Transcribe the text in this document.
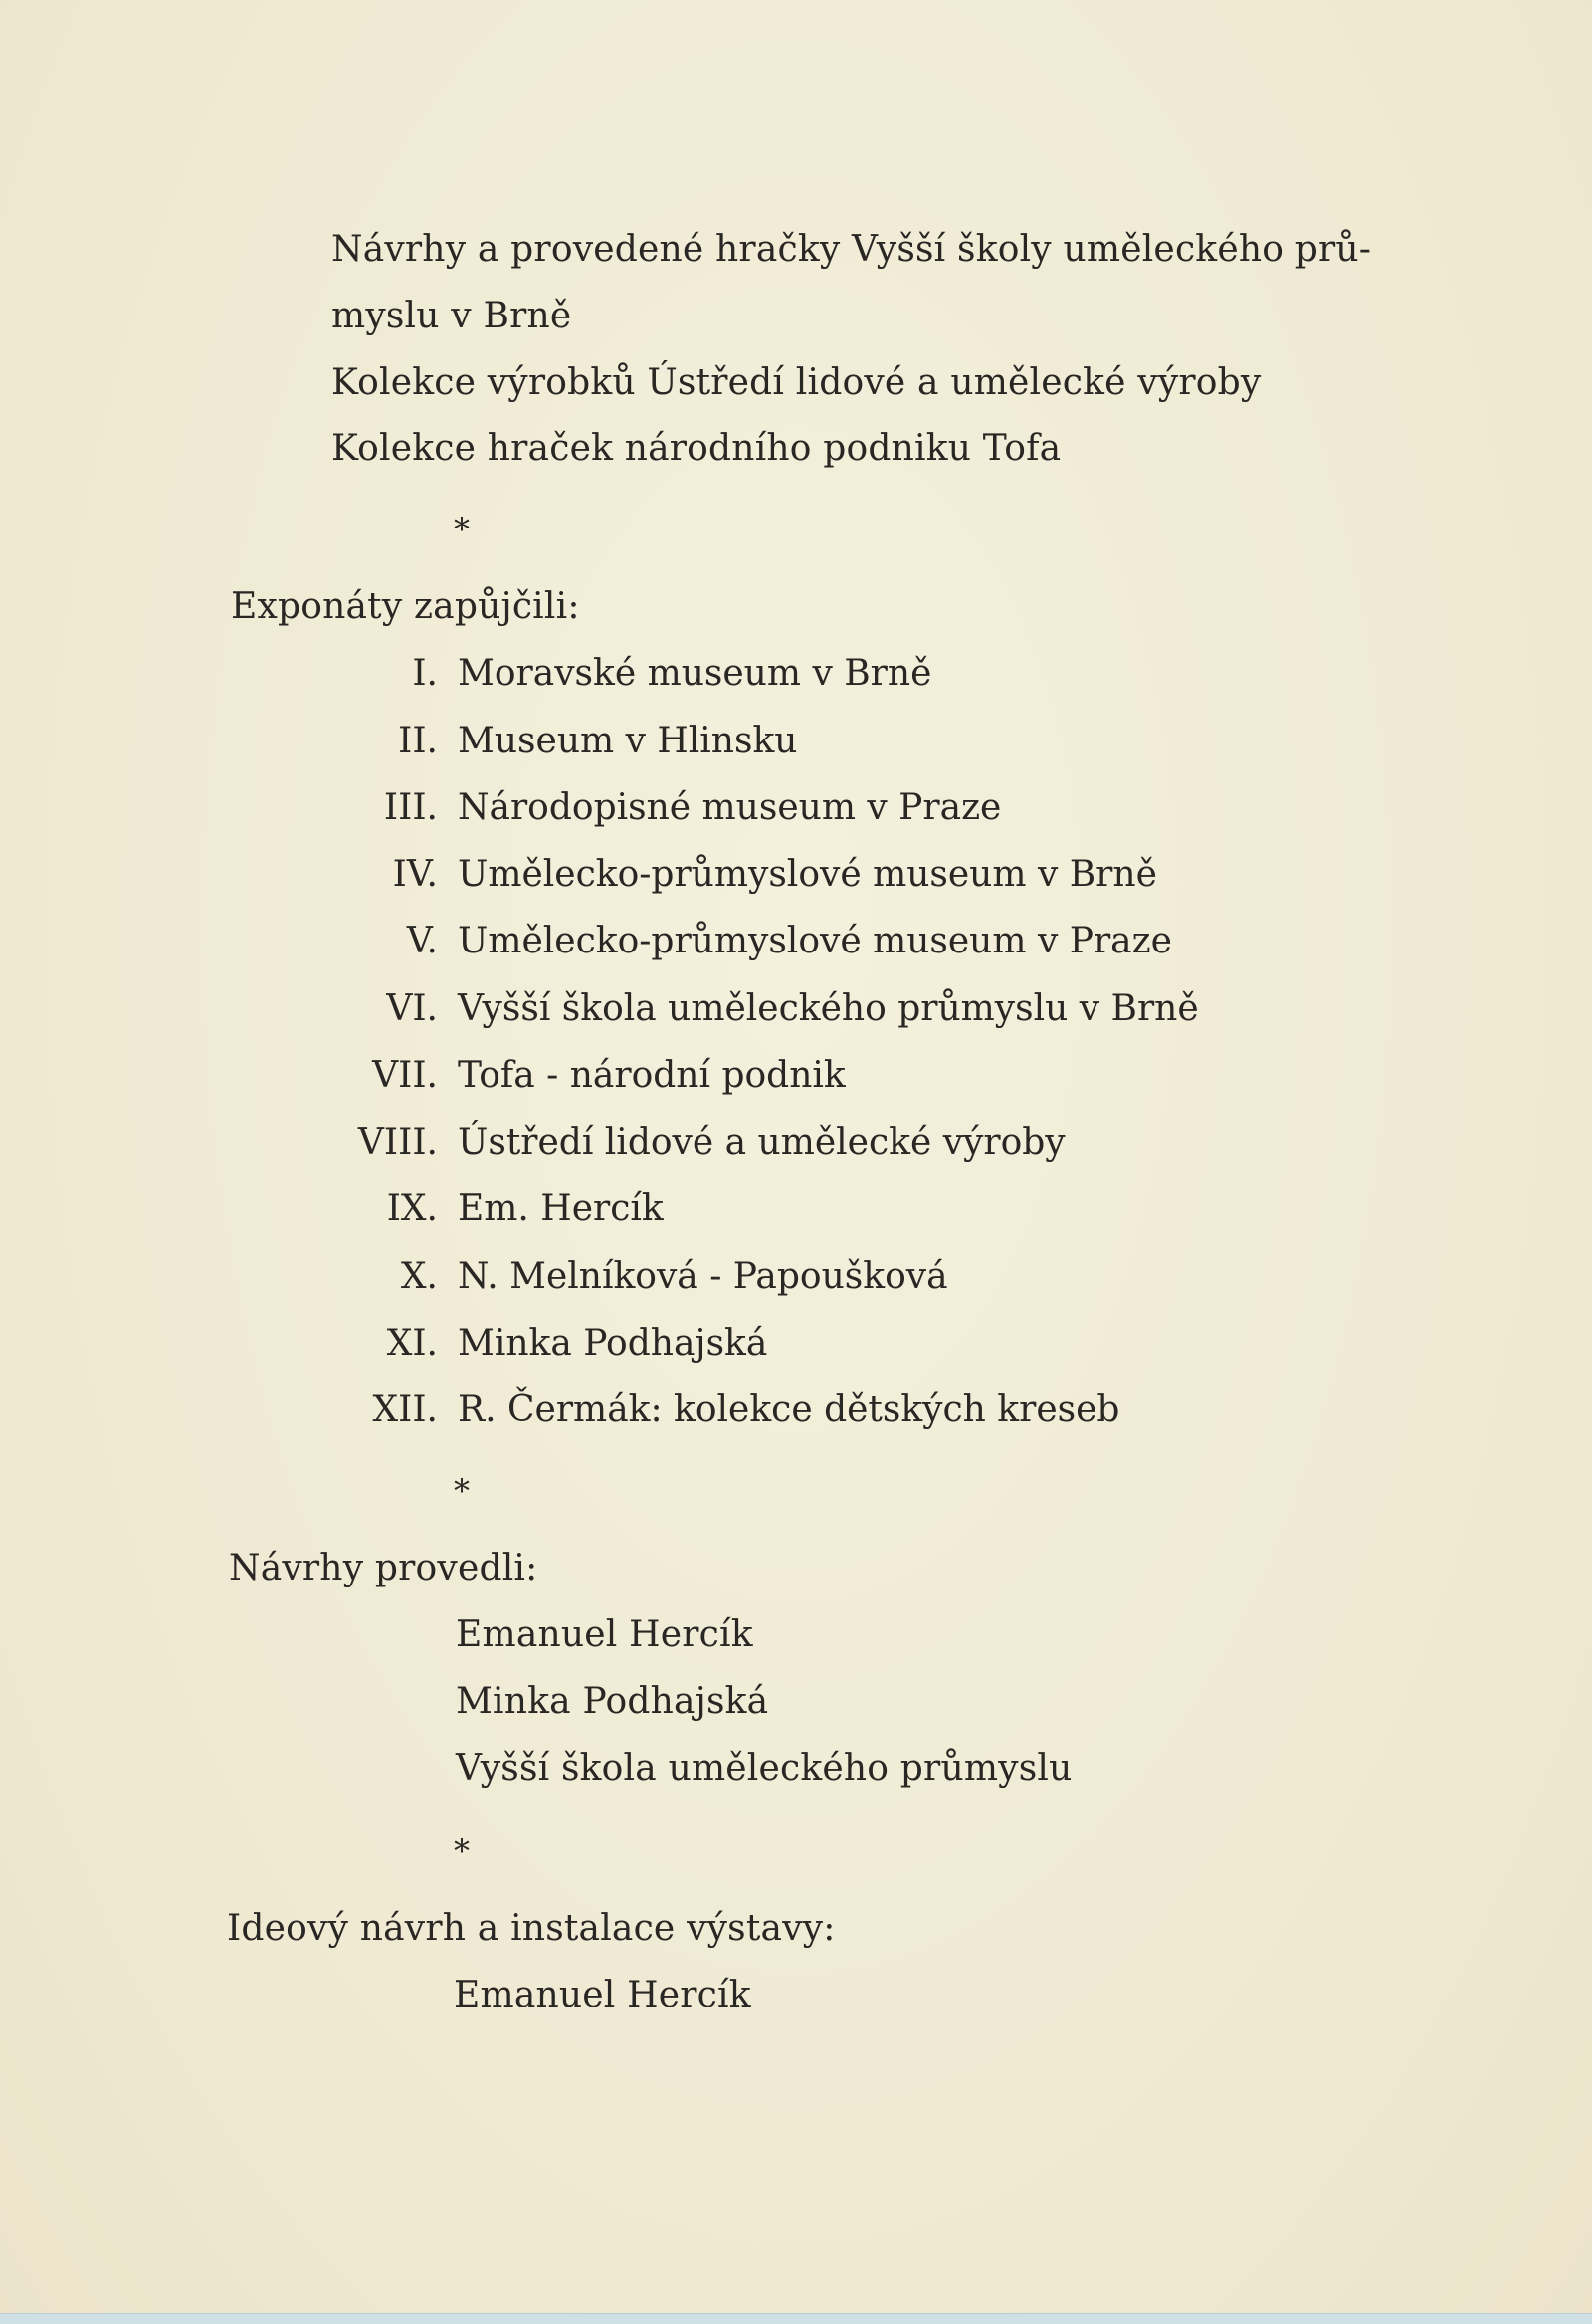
Návrhy a provedené hračky Vyšší školy uměleckého prů-
myslu v Brně
Kolekce výrobků Ústředí lidové a umělecké výroby
Kolekce hraček národního podniku Tofa
*
Exponáty zapůjčili:
I. Moravské museum v Brně
II. Museum v Hlinsku
III. Národopisné museum v Praze
IV. Umělecko-průmyslové museum v Brně
V. Umělecko-průmyslové museum v Praze
VI. Vyšší škola uměleckého průmyslu v Brně
VII. Tofa - národní podnik
VIII. Ústředí lidové a umělecké výroby
IX. Em. Hercík
X. N. Melníková - Papoušková
XI. Minka Podhajská
XII. R. Čermák: kolekce dětských kreseb
*
Návrhy provedli:
Emanuel Hercík
Minka Podhajská
Vyšší škola uměleckého průmyslu
*
Ideový návrh a instalace výstavy:
Emanuel Hercík
